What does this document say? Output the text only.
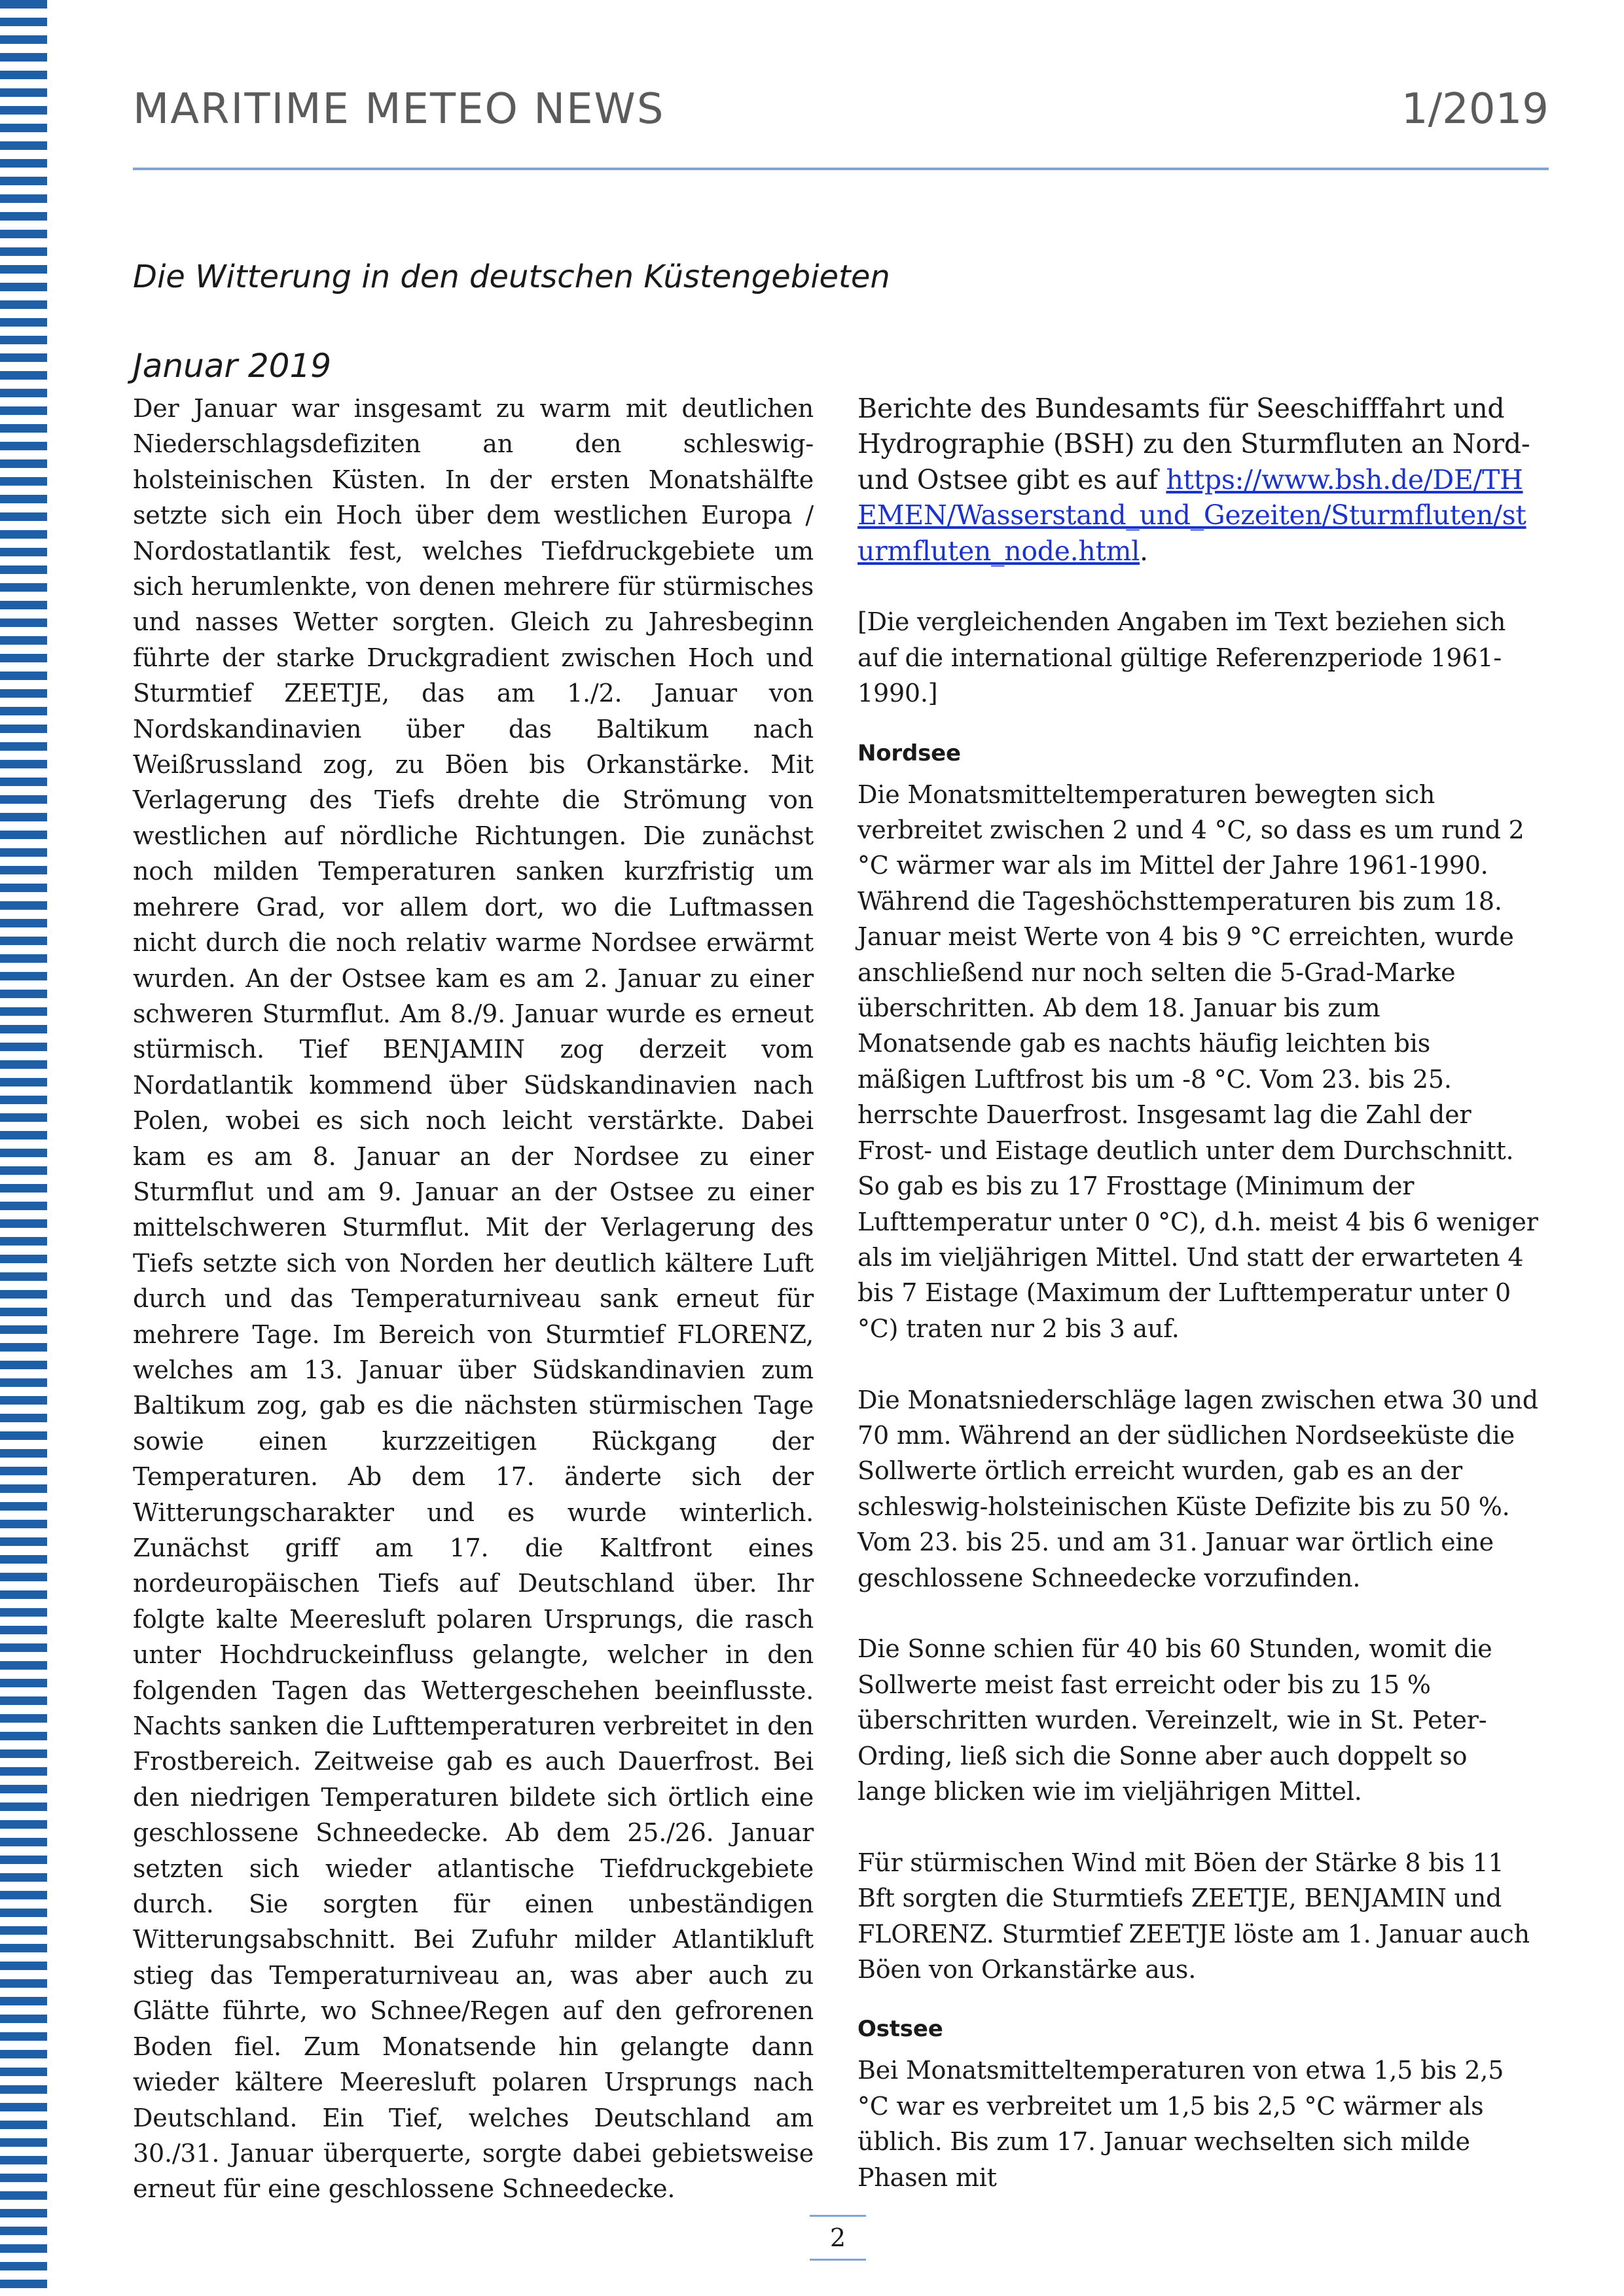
MARITIME METEO NEWS	1/2019
Die Witterung in den deutschen Küstengebieten
Januar 2019

Der Januar war insgesamt zu warm mit deutlichen Niederschlagsdefiziten an den schleswig-holsteinischen Küsten. In der ersten Monatshälfte setzte sich ein Hoch über dem westlichen Europa / Nordostatlantik fest, welches Tiefdruckgebiete um sich herumlenkte, von denen mehrere für stürmisches und nasses Wetter sorgten. Gleich zu Jahresbeginn führte der starke Druckgradient zwischen Hoch und Sturmtief ZEETJE, das am 1./2. Januar von Nordskandinavien über das Baltikum nach Weißrussland zog, zu Böen bis Orkanstärke. Mit Verlagerung des Tiefs drehte die Strömung von westlichen auf nördliche Richtungen. Die zunächst noch milden Temperaturen sanken kurzfristig um mehrere Grad, vor allem dort, wo die Luftmassen nicht durch die noch relativ warme Nordsee erwärmt wurden. An der Ostsee kam es am 2. Januar zu einer schweren Sturmflut. Am 8./9. Januar wurde es erneut stürmisch. Tief BENJAMIN zog derzeit vom Nordatlantik kommend über Südskandinavien nach Polen, wobei es sich noch leicht verstärkte. Dabei kam es am 8. Januar an der Nordsee zu einer Sturmflut und am 9. Januar an der Ostsee zu einer mittelschweren Sturmflut. Mit der Verlagerung des Tiefs setzte sich von Norden her deutlich kältere Luft durch und das Temperaturniveau sank erneut für mehrere Tage. Im Bereich von Sturmtief FLORENZ, welches am 13. Januar über Südskandinavien zum Baltikum zog, gab es die nächsten stürmischen Tage sowie einen kurzzeitigen Rückgang der Temperaturen. Ab dem 17. änderte sich der Witterungscharakter und es wurde winterlich. Zunächst griff am 17. die Kaltfront eines nordeuropäischen Tiefs auf Deutschland über. Ihr folgte kalte Meeresluft polaren Ursprungs, die rasch unter Hochdruckeinfluss gelangte, welcher in den folgenden Tagen das Wettergeschehen beeinflusste. Nachts sanken die Lufttemperaturen verbreitet in den Frostbereich. Zeitweise gab es auch Dauerfrost. Bei den niedrigen Temperaturen bildete sich örtlich eine geschlossene Schneedecke. Ab dem 25./26. Januar setzten sich wieder atlantische Tiefdruckgebiete durch. Sie sorgten für einen unbeständigen Witterungsabschnitt. Bei Zufuhr milder Atlantikluft stieg das Temperaturniveau an, was aber auch zu Glätte führte, wo Schnee/Regen auf den gefrorenen Boden fiel. Zum Monatsende hin gelangte dann wieder kältere Meeresluft polaren Ursprungs nach Deutschland. Ein Tief, welches Deutschland am 30./31. Januar überquerte, sorgte dabei gebietsweise erneut für eine geschlossene Schneedecke.

Berichte des Bundesamts für Seeschifffahrt und Hydrographie (BSH) zu den Sturmfluten an Nord- und Ostsee gibt es auf https://www.bsh.de/DE/THEMEN/Wasserstand_und_Gezeiten/Sturmfluten/sturmfluten_node.html.

[Die vergleichenden Angaben im Text beziehen sich auf die international gültige Referenzperiode 1961-1990.]

Nordsee

Die Monatsmitteltemperaturen bewegten sich verbreitet zwischen 2 und 4 °C, so dass es um rund 2 °C wärmer war als im Mittel der Jahre 1961-1990. Während die Tageshöchsttemperaturen bis zum 18. Januar meist Werte von 4 bis 9 °C erreichten, wurde anschließend nur noch selten die 5-Grad-Marke überschritten. Ab dem 18. Januar bis zum Monatsende gab es nachts häufig leichten bis mäßigen Luftfrost bis um -8 °C. Vom 23. bis 25. herrschte Dauerfrost. Insgesamt lag die Zahl der Frost- und Eistage deutlich unter dem Durchschnitt. So gab es bis zu 17 Frosttage (Minimum der Lufttemperatur unter 0 °C), d.h. meist 4 bis 6 weniger als im vieljährigen Mittel. Und statt der erwarteten 4 bis 7 Eistage (Maximum der Lufttemperatur unter 0 °C) traten nur 2 bis 3 auf.

Die Monatsniederschläge lagen zwischen etwa 30 und 70 mm. Während an der südlichen Nordseeküste die Sollwerte örtlich erreicht wurden, gab es an der schleswig-holsteinischen Küste Defizite bis zu 50 %. Vom 23. bis 25. und am 31. Januar war örtlich eine geschlossene Schneedecke vorzufinden.

Die Sonne schien für 40 bis 60 Stunden, womit die Sollwerte meist fast erreicht oder bis zu 15 % überschritten wurden. Vereinzelt, wie in St. Peter-Ording, ließ sich die Sonne aber auch doppelt so lange blicken wie im vieljährigen Mittel.

Für stürmischen Wind mit Böen der Stärke 8 bis 11 Bft sorgten die Sturmtiefs ZEETJE, BENJAMIN und FLORENZ. Sturmtief ZEETJE löste am 1. Januar auch Böen von Orkanstärke aus.

Ostsee

Bei Monatsmitteltemperaturen von etwa 1,5 bis 2,5 °C war es verbreitet um 1,5 bis 2,5 °C wärmer als üblich. Bis zum 17. Januar wechselten sich milde Phasen mit

2
